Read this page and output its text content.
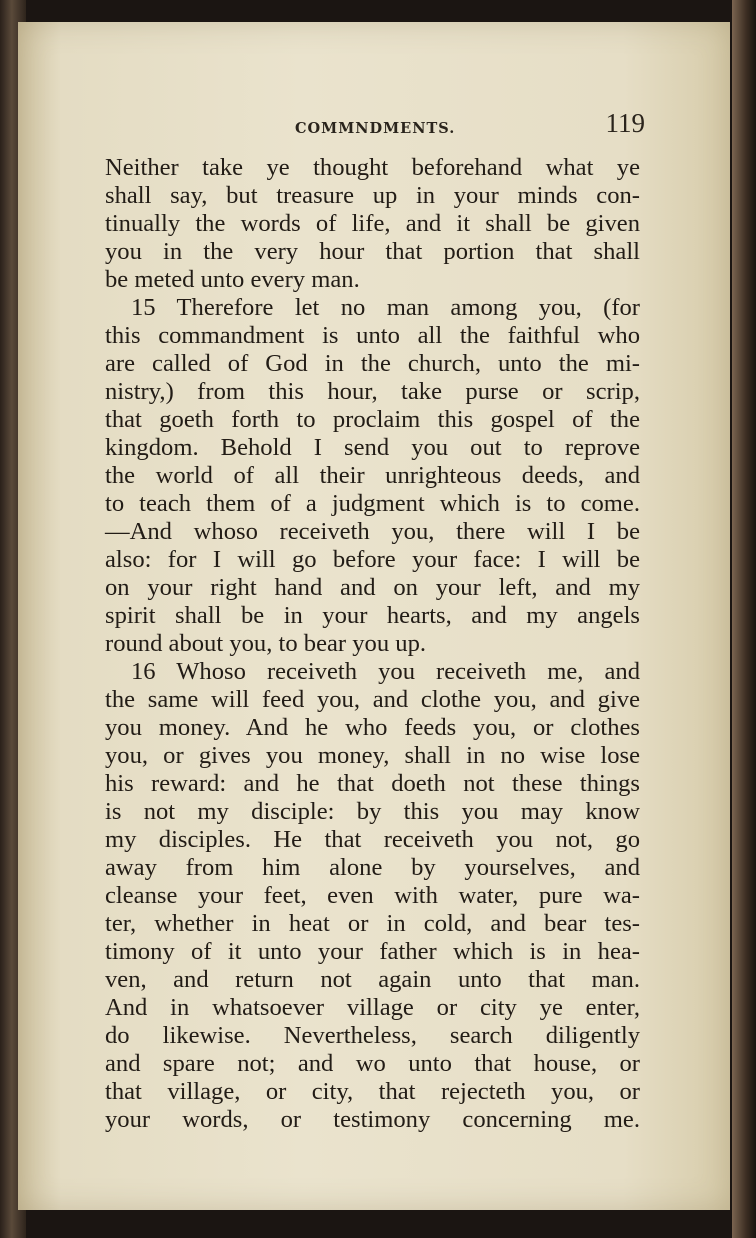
COMMNDMENTS.	119
Neither take ye thought beforehand what ye
shall say, but treasure up in your minds con-
tinually the words of life, and it shall be given
you in the very hour that portion that shall
be meted unto every man.
15 Therefore let no man among you, (for
this commandment is unto all the faithful who
are called of God in the church, unto the mi-
nistry,) from this hour, take purse or scrip,
that goeth forth to proclaim this gospel of the
kingdom. Behold I send you out to reprove
the world of all their unrighteous deeds, and
to teach them of a judgment which is to come.
—And whoso receiveth you, there will I be
also: for I will go before your face: I will be
on your right hand and on your left, and my
spirit shall be in your hearts, and my angels
round about you, to bear you up.
16 Whoso receiveth you receiveth me, and
the same will feed you, and clothe you, and give
you money. And he who feeds you, or clothes
you, or gives you money, shall in no wise lose
his reward: and he that doeth not these things
is not my disciple: by this you may know
my disciples. He that receiveth you not, go
away from him alone by yourselves, and
cleanse your feet, even with water, pure wa-
ter, whether in heat or in cold, and bear tes-
timony of it unto your father which is in hea-
ven, and return not again unto that man.
And in whatsoever village or city ye enter,
do likewise. Nevertheless, search diligently
and spare not; and wo unto that house, or
that village, or city, that rejecteth you, or
your words, or testimony concerning me.
